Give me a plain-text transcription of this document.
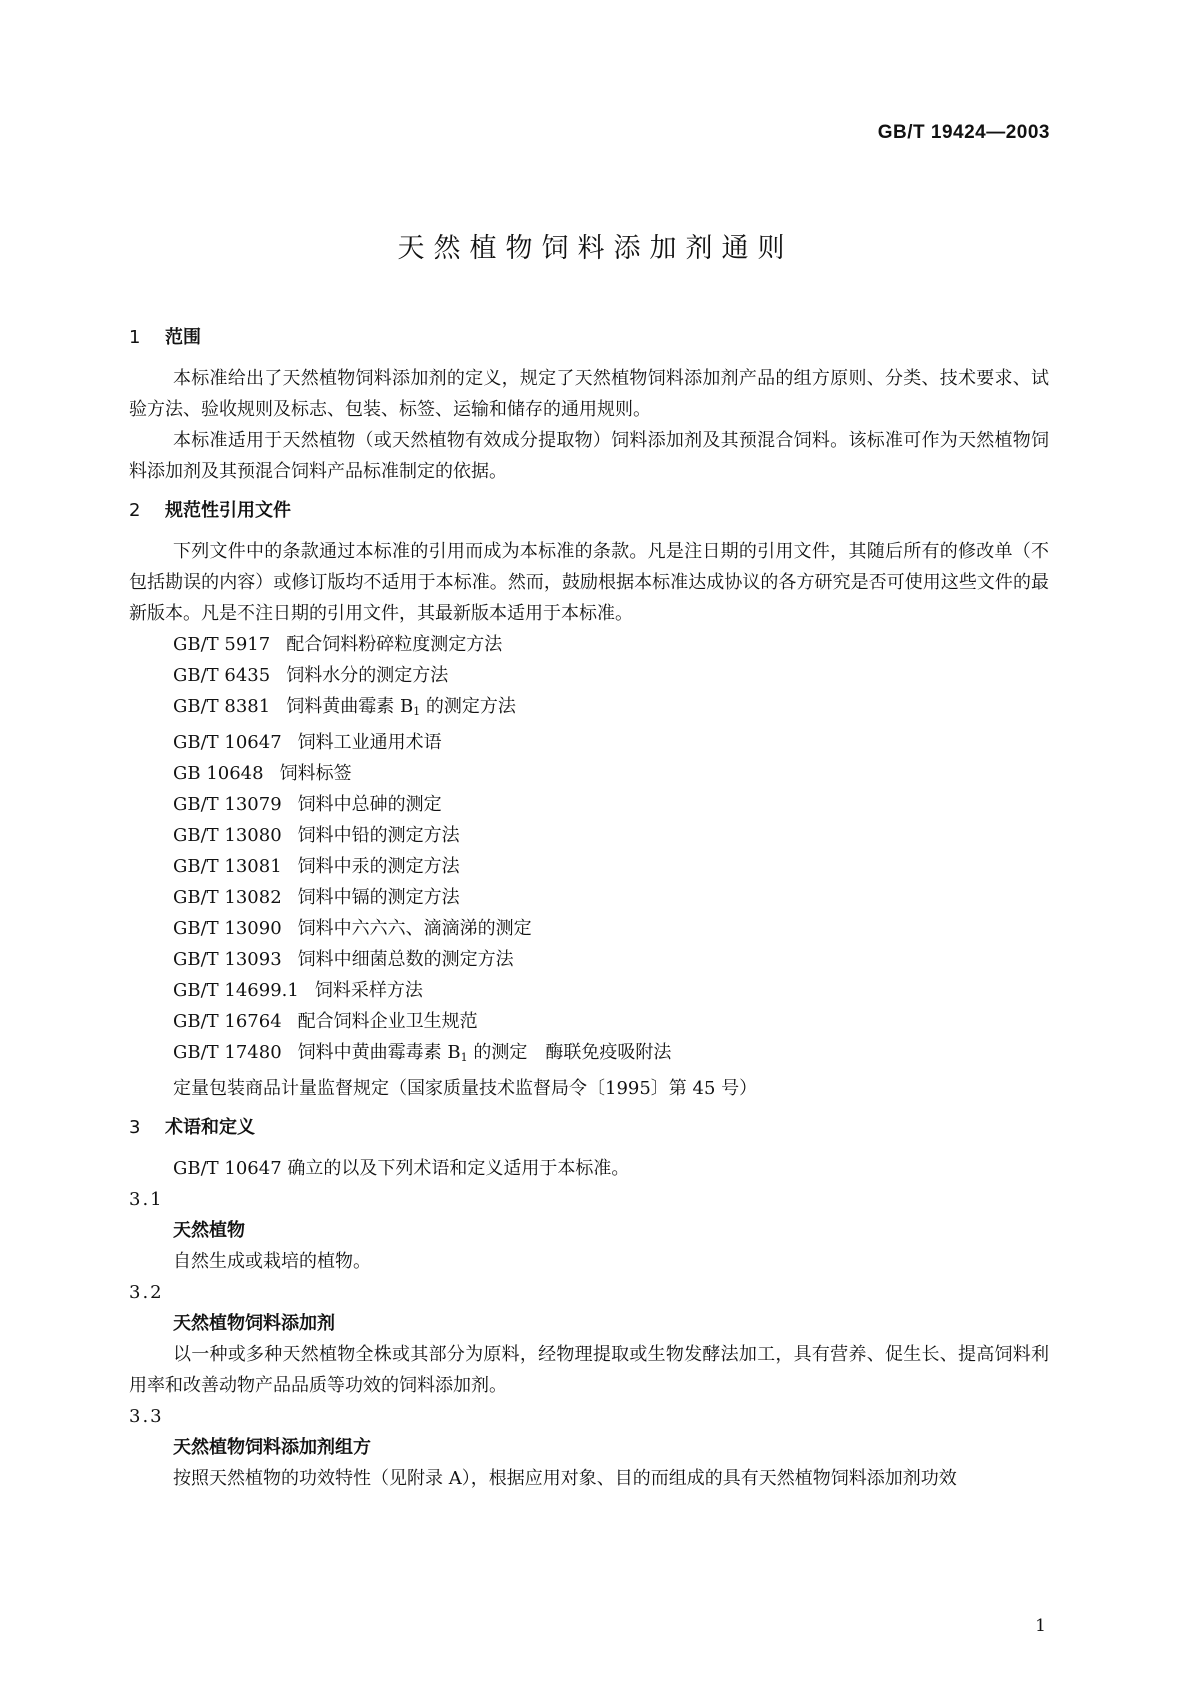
GB/T 19424—2003
天然植物饲料添加剂通则

1 范围

本标准给出了天然植物饲料添加剂的定义，规定了天然植物饲料添加剂产品的组方原则、分类、技术要求、试验方法、验收规则及标志、包装、标签、运输和储存的通用规则。

本标准适用于天然植物（或天然植物有效成分提取物）饲料添加剂及其预混合饲料。该标准可作为天然植物饲料添加剂及其预混合饲料产品标准制定的依据。

2 规范性引用文件

下列文件中的条款通过本标准的引用而成为本标准的条款。凡是注日期的引用文件，其随后所有的修改单（不包括勘误的内容）或修订版均不适用于本标准。然而，鼓励根据本标准达成协议的各方研究是否可使用这些文件的最新版本。凡是不注日期的引用文件，其最新版本适用于本标准。

GB/T 5917 配合饲料粉碎粒度测定方法

GB/T 6435 饲料水分的测定方法

GB/T 8381 饲料黄曲霉素 $B_1$ 的测定方法

GB/T 10647 饲料工业通用术语

GB 10648 饲料标签

GB/T 13079 饲料中总砷的测定

GB/T 13080 饲料中铅的测定方法

GB/T 13081 饲料中汞的测定方法

GB/T 13082 饲料中镉的测定方法

GB/T 13090 饲料中六六六、滴滴涕的测定

GB/T 13093 饲料中细菌总数的测定方法

GB/T 14699.1 饲料采样方法

GB/T 16764 配合饲料企业卫生规范

GB/T 17480 饲料中黄曲霉毒素 $B_1$ 的测定　酶联免疫吸附法

定量包装商品计量监督规定（国家质量技术监督局令〔1995〕第 45 号）

3 术语和定义

GB/T 10647 确立的以及下列术语和定义适用于本标准。

3.1

天然植物

自然生成或栽培的植物。

3.2

天然植物饲料添加剂

以一种或多种天然植物全株或其部分为原料，经物理提取或生物发酵法加工，具有营养、促生长、提高饲料利用率和改善动物产品品质等功效的饲料添加剂。

3.3

天然植物饲料添加剂组方

按照天然植物的功效特性（见附录 A），根据应用对象、目的而组成的具有天然植物饲料添加剂功效

1
